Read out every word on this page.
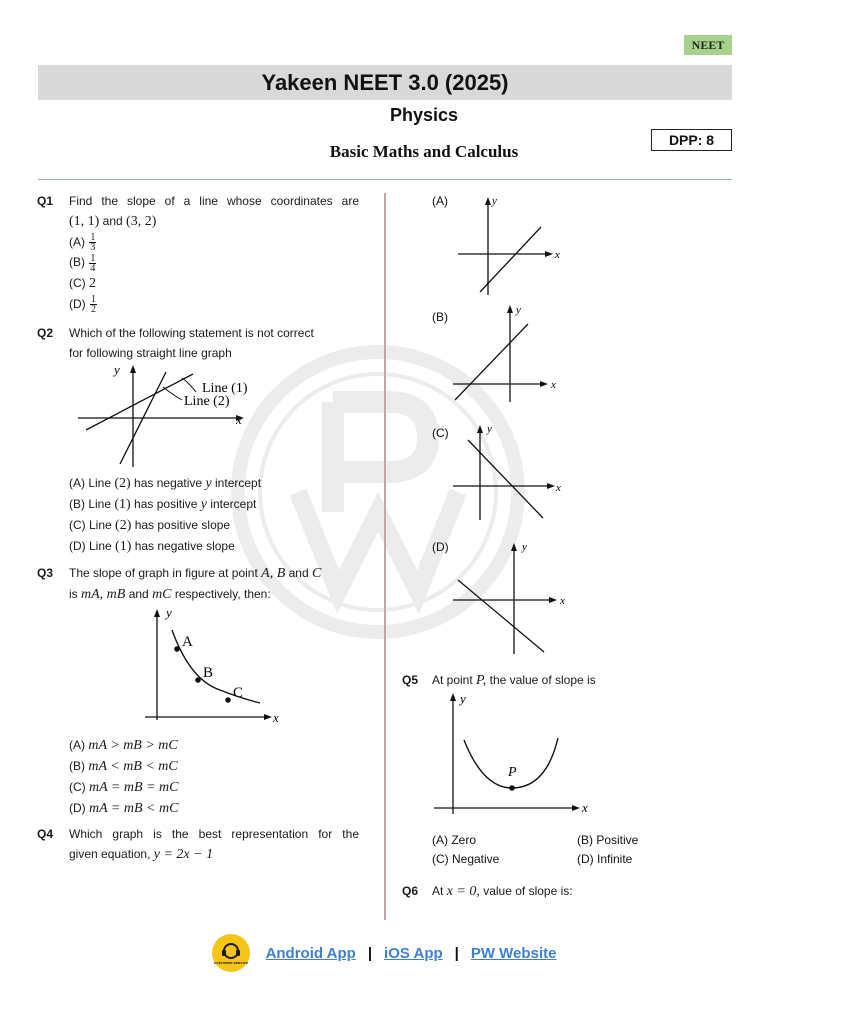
NEET
Yakeen NEET 3.0 (2025)
Physics
Basic Maths and Calculus
DPP: 8
Q1	Find the slope of a line whose coordinates are
(1, 1) and (3, 2)
$(A) \frac{1}{3}$
$(B) \frac{1}{4}$
(C) 2
$(D) \frac{1}{2}$
Q2	Which of the following statement is not correct
for following straight line graph
y
x
Line (1)
Line (2)
(A) Line (2) has negative y intercept
(B) Line (1) has positive y intercept
(C) Line (2) has positive slope
(D) Line (1) has negative slope
Q3	The slope of graph in figure at point A, B and C
is mA, mB and mC respectively, then:
y
x
A
B
C
(A) mA > mB > mC
(B) mA < mB < mC
(C) mA = mB = mC
(D) mA = mB < mC
Q4	Which graph is the best representation for the
given equation, y = 2x − 1
(A)	y
x
(B)	y
x
(C)	y
x
(D)	y
x
Q5	At point P, the value of slope is
y
x
P
(A) Zero	(B) Positive
(C) Negative	(D) Infinite
Q6	At x = 0, value of slope is:
CUSTOMER SERVICE
Android App | iOS App | PW Website
